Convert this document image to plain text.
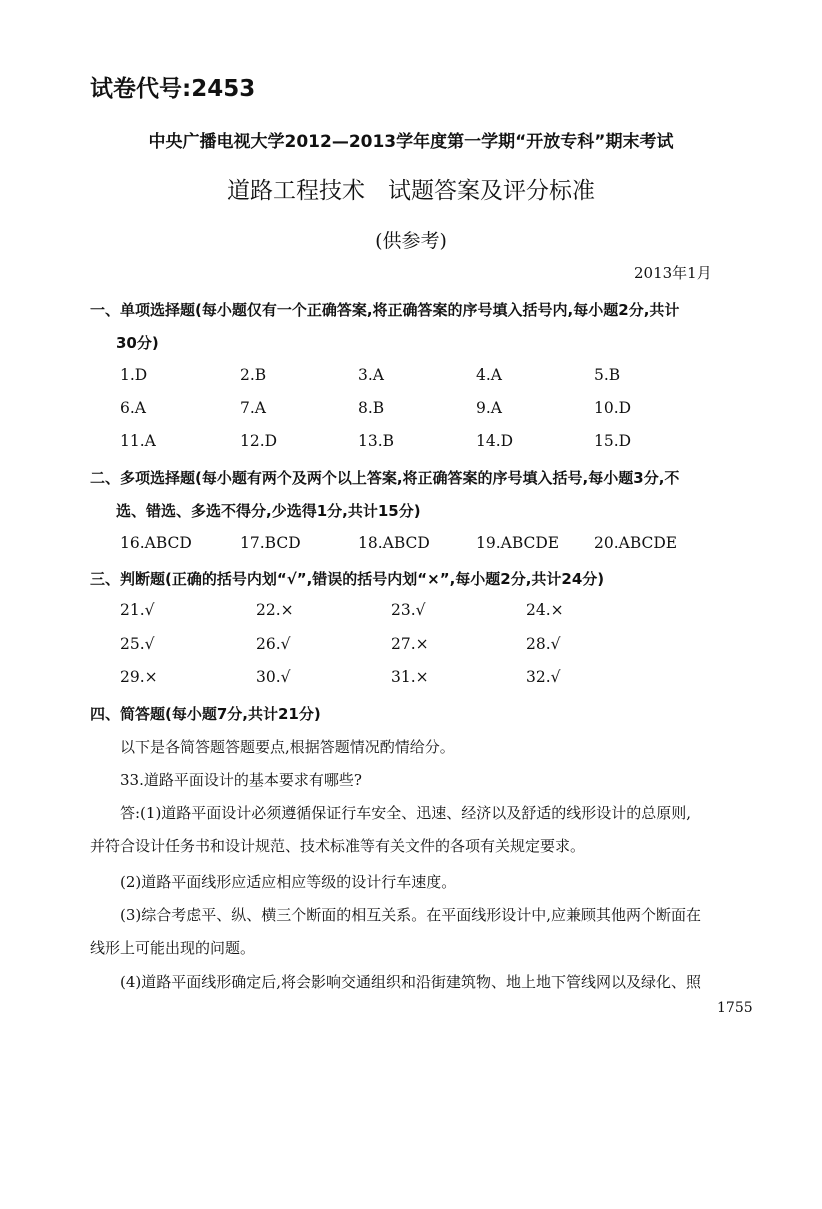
试卷代号:2453
中央广播电视大学2012—2013学年度第一学期“开放专科”期末考试
道路工程技术　试题答案及评分标准
(供参考)
2013年1月
一、单项选择题(每小题仅有一个正确答案,将正确答案的序号填入括号内,每小题2分,共计
30分)
1.D	2.B	3.A	4.A	5.B
6.A	7.A	8.B	9.A	10.D
11.A	12.D	13.B	14.D	15.D
二、多项选择题(每小题有两个及两个以上答案,将正确答案的序号填入括号,每小题3分,不
选、错选、多选不得分,少选得1分,共计15分)
16.ABCD	17.BCD	18.ABCD	19.ABCDE 20.ABCDE
三、判断题(正确的括号内划“√”,错误的括号内划“×”,每小题2分,共计24分)
21.√	22.×	23.√	24.×
25.√	26.√	27.×	28.√
29.×	30.√	31.×	32.√
四、简答题(每小题7分,共计21分)
以下是各简答题答题要点,根据答题情况酌情给分。
33.道路平面设计的基本要求有哪些?
答:(1)道路平面设计必须遵循保证行车安全、迅速、经济以及舒适的线形设计的总原则,
并符合设计任务书和设计规范、技术标准等有关文件的各项有关规定要求。
(2)道路平面线形应适应相应等级的设计行车速度。
(3)综合考虑平、纵、横三个断面的相互关系。在平面线形设计中,应兼顾其他两个断面在
线形上可能出现的问题。
(4)道路平面线形确定后,将会影响交通组织和沿街建筑物、地上地下管线网以及绿化、照
1755
